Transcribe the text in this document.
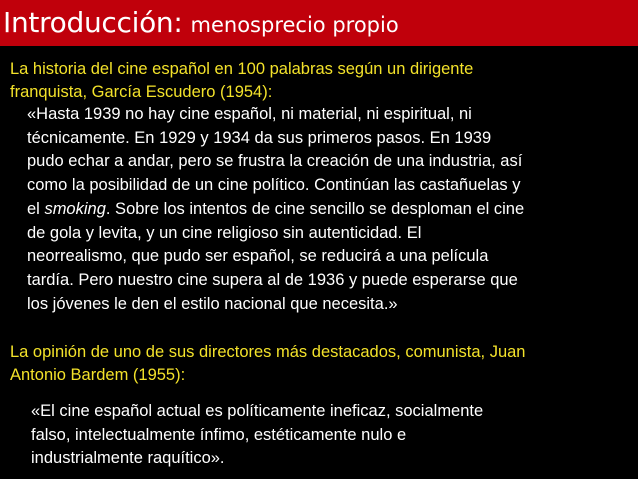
Introducción: menosprecio propio

La historia del cine español en 100 palabras según un dirigente
franquista, García Escudero (1954):

«Hasta 1939 no hay cine español, ni material, ni espiritual, ni
técnicamente. En 1929 y 1934 da sus primeros pasos. En 1939
pudo echar a andar, pero se frustra la creación de una industria, así
como la posibilidad de un cine político. Continúan las castañuelas y
el smoking. Sobre los intentos de cine sencillo se desploman el cine
de gola y levita, y un cine religioso sin autenticidad. El
neorrealismo, que pudo ser español, se reducirá a una película
tardía. Pero nuestro cine supera al de 1936 y puede esperarse que
los jóvenes le den el estilo nacional que necesita.»

La opinión de uno de sus directores más destacados, comunista, Juan
Antonio Bardem (1955):

«El cine español actual es políticamente ineficaz, socialmente
falso, intelectualmente ínfimo, estéticamente nulo e
industrialmente raquítico».
